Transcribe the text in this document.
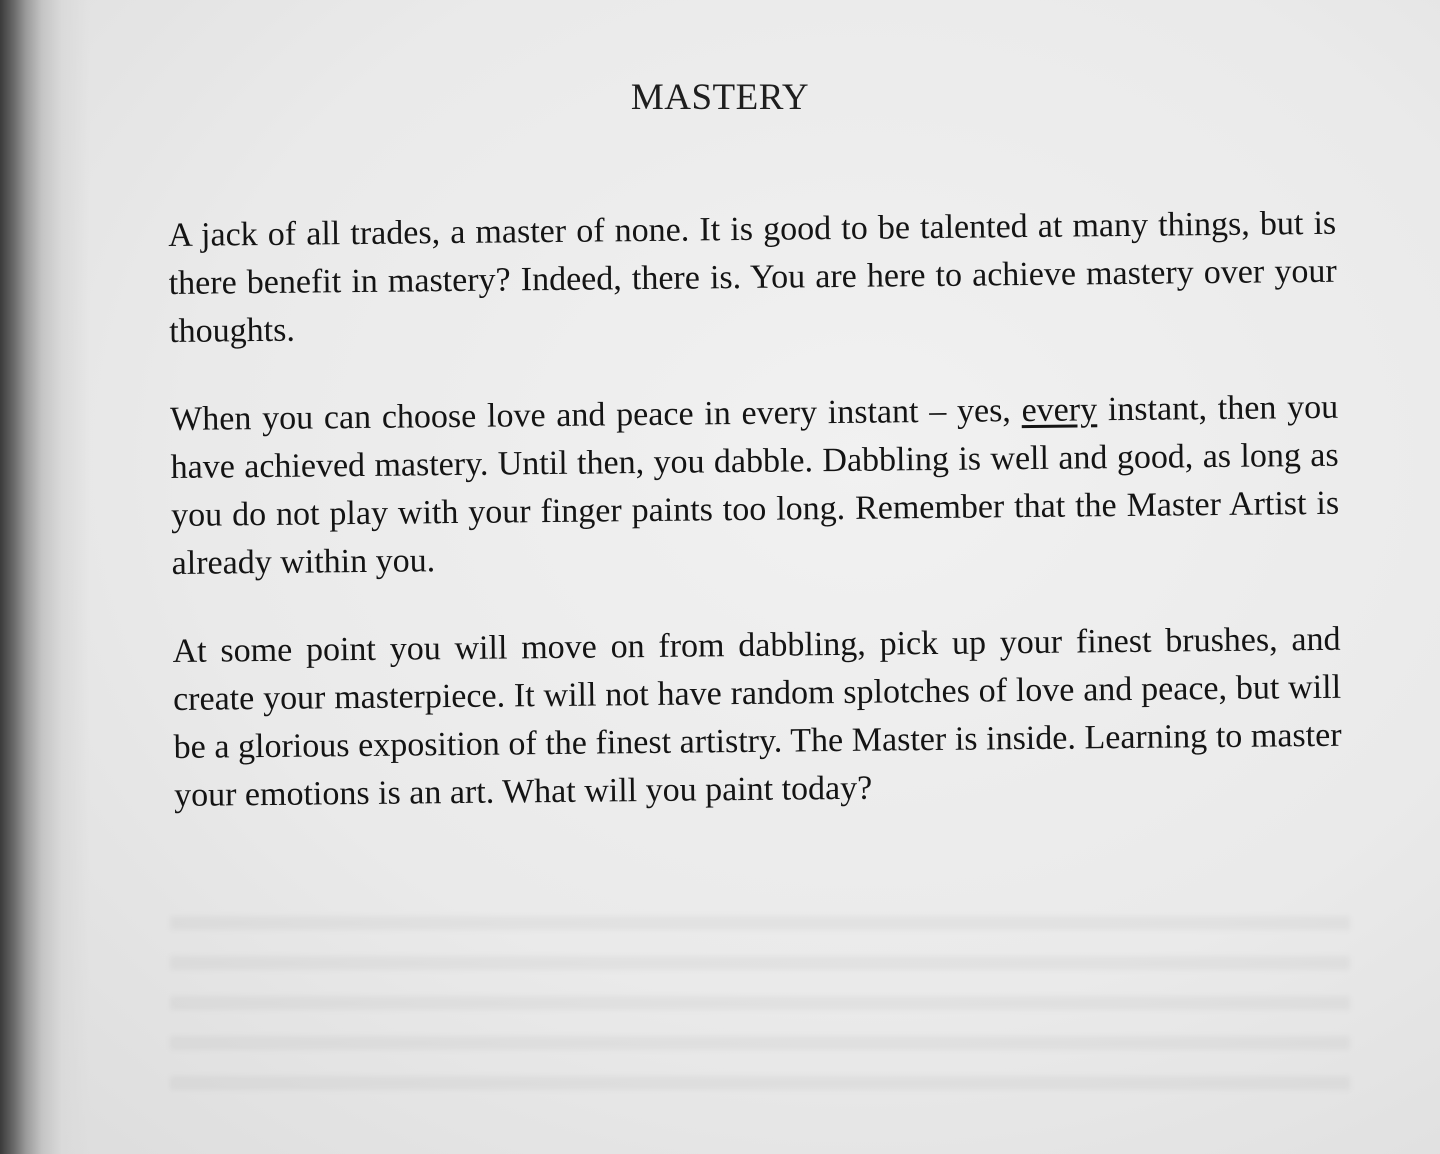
MASTERY

A jack of all trades, a master of none. It is good to be talented at many things, but is there benefit in mastery? Indeed, there is. You are here to achieve mastery over your thoughts.

When you can choose love and peace in every instant – yes, every instant, then you have achieved mastery. Until then, you dabble. Dabbling is well and good, as long as you do not play with your finger paints too long. Remember that the Master Artist is already within you.

At some point you will move on from dabbling, pick up your finest brushes, and create your masterpiece. It will not have random splotches of love and peace, but will be a glorious exposition of the finest artistry. The Master is inside. Learning to master your emotions is an art. What will you paint today?
